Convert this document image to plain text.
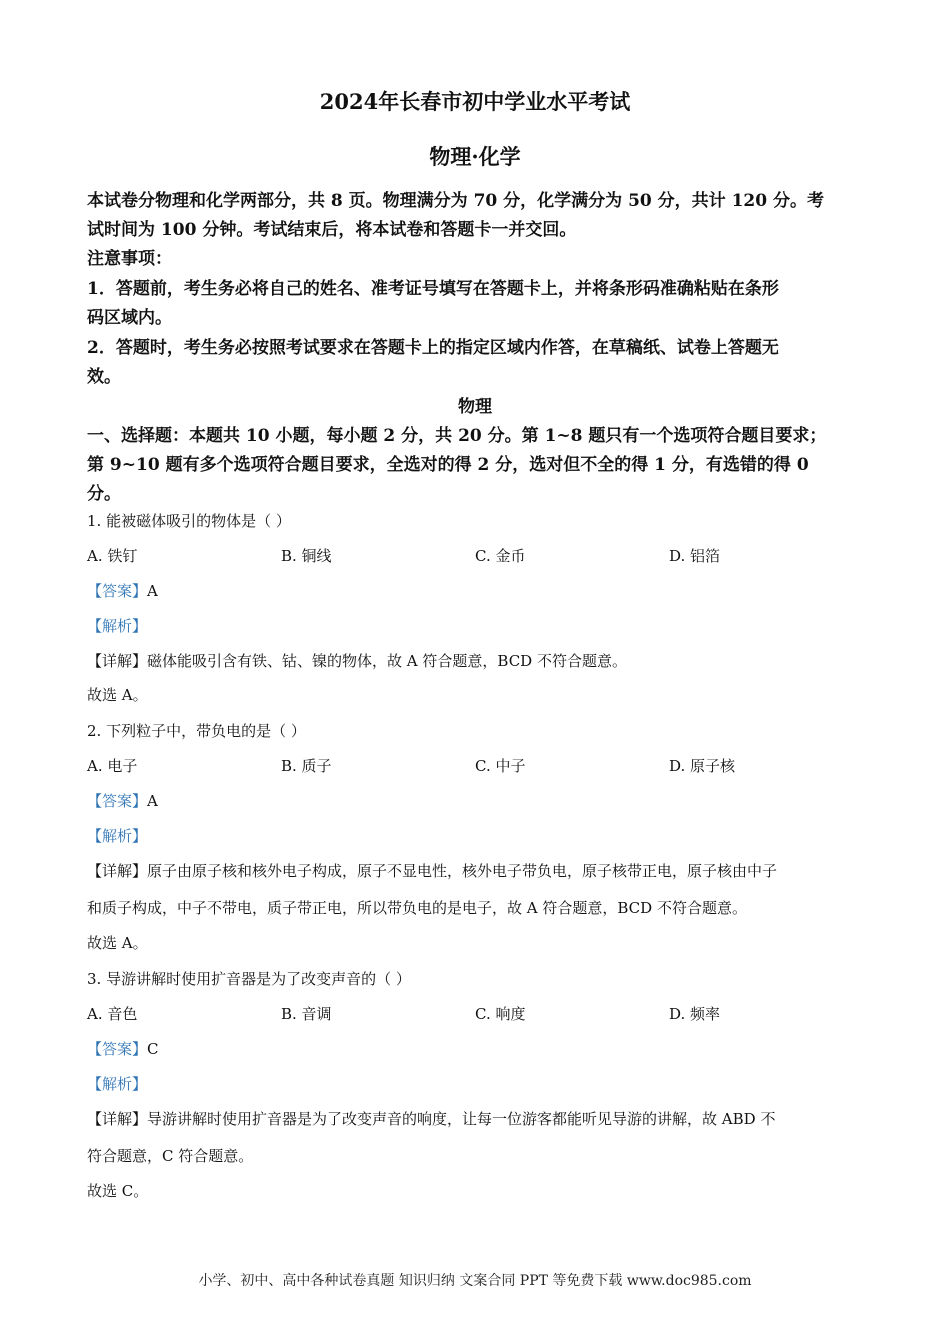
2024年长春市初中学业水平考试
物理·化学
本试卷分物理和化学两部分，共 8 页。物理满分为 70 分，化学满分为 50 分，共计 120 分。考
试时间为 100 分钟。考试结束后，将本试卷和答题卡一并交回。
注意事项：
1．答题前，考生务必将自己的姓名、准考证号填写在答题卡上，并将条形码准确粘贴在条形
码区域内。
2．答题时，考生务必按照考试要求在答题卡上的指定区域内作答，在草稿纸、试卷上答题无
效。
物理
一、选择题：本题共 10 小题，每小题 2 分，共 20 分。第 1~8 题只有一个选项符合题目要求；
第 9~10 题有多个选项符合题目要求，全选对的得 2 分，选对但不全的得 1 分，有选错的得 0
分。
1. 能被磁体吸引的物体是（ ）
A. 铁钉	B. 铜线	C. 金币	D. 铝箔
【答案】A
【解析】
【详解】磁体能吸引含有铁、钴、镍的物体，故 A 符合题意，BCD 不符合题意。
故选 A。
2. 下列粒子中，带负电的是（ ）
A. 电子	B. 质子	C. 中子	D. 原子核
【答案】A
【解析】
【详解】原子由原子核和核外电子构成，原子不显电性，核外电子带负电，原子核带正电，原子核由中子
和质子构成，中子不带电，质子带正电，所以带负电的是电子，故 A 符合题意，BCD 不符合题意。
故选 A。
3. 导游讲解时使用扩音器是为了改变声音的（ ）
A. 音色	B. 音调	C. 响度	D. 频率
【答案】C
【解析】
【详解】导游讲解时使用扩音器是为了改变声音的响度，让每一位游客都能听见导游的讲解，故 ABD 不
符合题意，C 符合题意。
故选 C。
小学、初中、高中各种试卷真题 知识归纳 文案合同 PPT 等免费下载 www.doc985.com
